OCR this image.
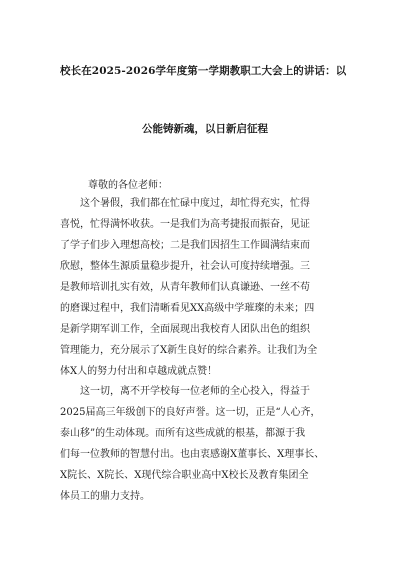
校长在2025-2026学年度第一学期教职工大会上的讲话：以
公能铸新魂，以日新启征程
尊敬的各位老师：
　　这个暑假，我们都在忙碌中度过，却忙得充实，忙得
喜悦，忙得满怀收获。一是我们为高考捷报而振奋，见证
了学子们步入理想高校；二是我们因招生工作圆满结束而
欣慰，整体生源质量稳步提升，社会认可度持续增强。三
是教师培训扎实有效，从青年教师们认真谦逊、一丝不苟
的磨课过程中，我们清晰看见XX高级中学璀璨的未来；四
是新学期军训工作，全面展现出我校育人团队出色的组织
管理能力，充分展示了X新生良好的综合素养。让我们为全
体X人的努力付出和卓越成就点赞！
　　这一切，离不开学校每一位老师的全心投入，得益于
2025届高三年级创下的良好声誉。这一切，正是“人心齐，
泰山移”的生动体现。而所有这些成就的根基，都源于我
们每一位教师的智慧付出。也由衷感谢X董事长、X理事长、
X院长、X院长、X现代综合职业高中X校长及教育集团全
体员工的鼎力支持。
